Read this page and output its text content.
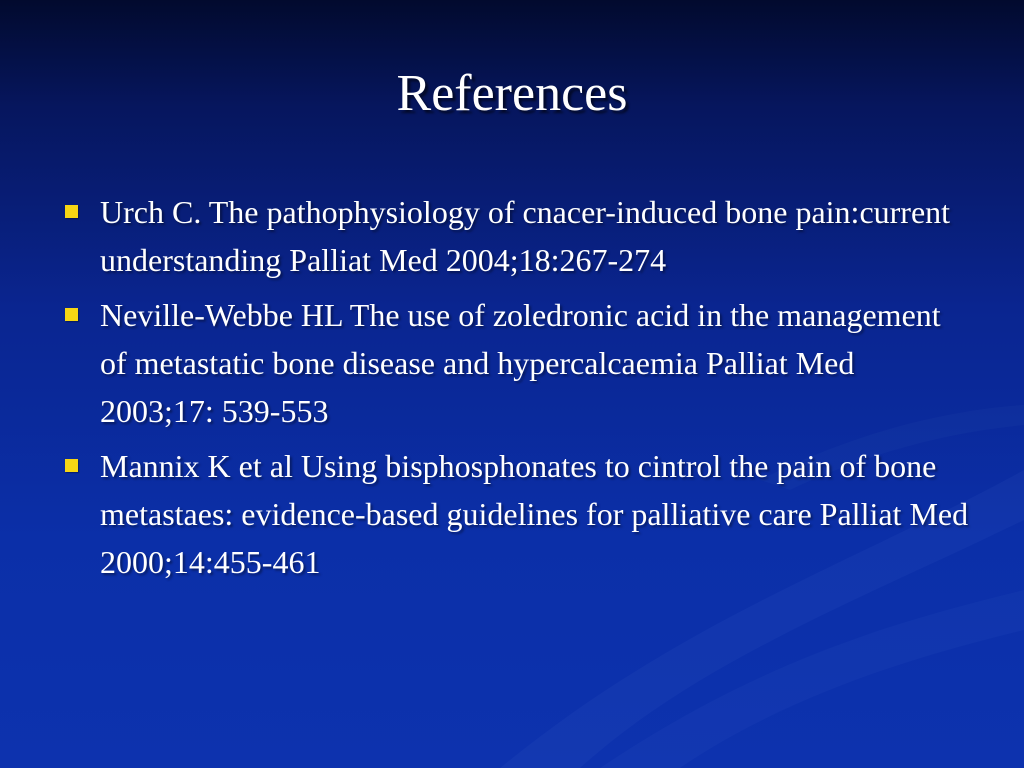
References
Urch C. The pathophysiology of cnacer-induced bone pain:current understanding Palliat Med 2004;18:267-274
Neville-Webbe HL The use of zoledronic acid in the management of metastatic bone disease and hypercalcaemia Palliat Med 2003;17: 539-553
Mannix K et al Using bisphosphonates to cintrol the pain of bone metastaes: evidence-based guidelines for palliative care Palliat Med 2000;14:455-461
